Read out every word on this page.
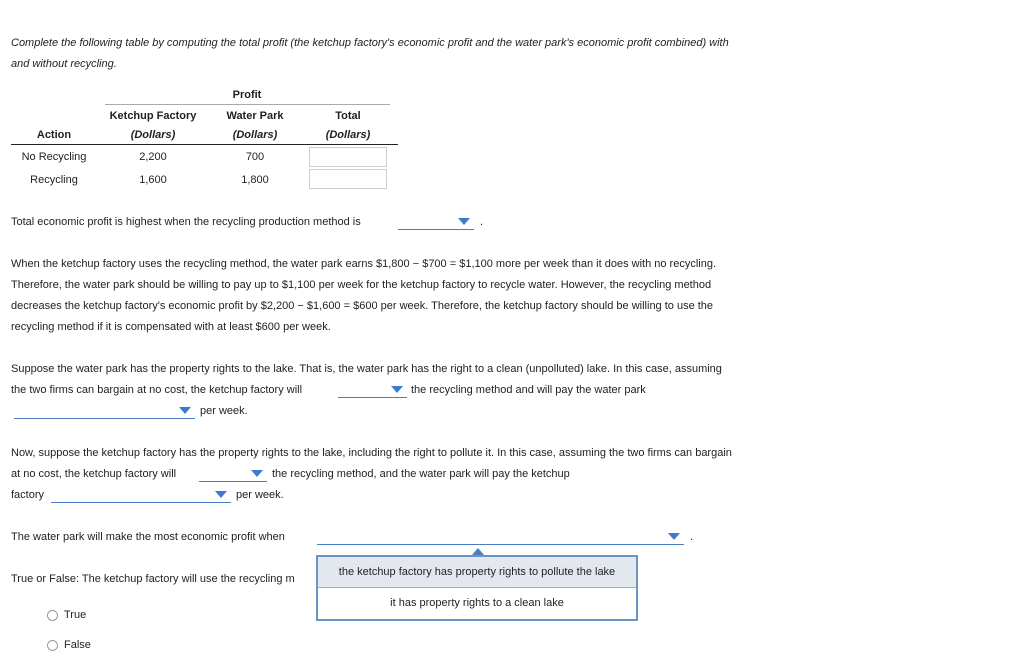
Complete the following table by computing the total profit (the ketchup factory's economic profit and the water park's economic profit combined) with
and without recycling.
Profit
Ketchup Factory	Water Park	Total
Action	(Dollars)	(Dollars)	(Dollars)
No Recycling	2,200	700
Recycling	1,600	1,800
Total economic profit is highest when the recycling production method is	.
When the ketchup factory uses the recycling method, the water park earns $1,800 − $700 = $1,100 more per week than it does with no recycling.
Therefore, the water park should be willing to pay up to $1,100 per week for the ketchup factory to recycle water. However, the recycling method
decreases the ketchup factory's economic profit by $2,200 − $1,600 = $600 per week. Therefore, the ketchup factory should be willing to use the
recycling method if it is compensated with at least $600 per week.
Suppose the water park has the property rights to the lake. That is, the water park has the right to a clean (unpolluted) lake. In this case, assuming
the two firms can bargain at no cost, the ketchup factory will	the recycling method and will pay the water park
per week.
Now, suppose the ketchup factory has the property rights to the lake, including the right to pollute it. In this case, assuming the two firms can bargain
at no cost, the ketchup factory will	the recycling method, and the water park will pay the ketchup
factory	per week.
The water park will make the most economic profit when	.
True or False: The ketchup factory will use the recycling m
True
False
the ketchup factory has property rights to pollute the lake
it has property rights to a clean lake
